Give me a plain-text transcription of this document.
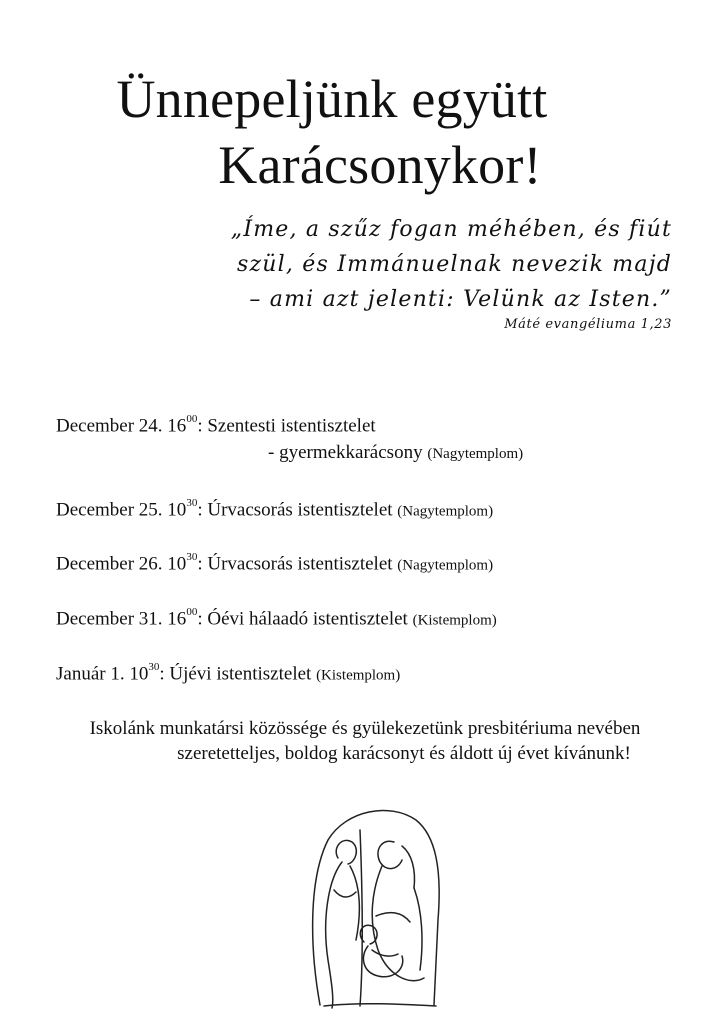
Ünnepeljünk együtt
Karácsonykor!
„Íme, a szűz fogan méhében, és fiút
szül, és Immánuelnak nevezik majd
– ami azt jelenti: Velünk az Isten.”
Máté evangéliuma 1,23
December 24. $16^{00}$: Szentesti istentisztelet
- gyermekkarácsony (Nagytemplom)
December 25. $10^{30}$: Úrvacsorás istentisztelet (Nagytemplom)
December 26. $10^{30}$: Úrvacsorás istentisztelet (Nagytemplom)
December 31. $16^{00}$: Óévi hálaadó istentisztelet (Kistemplom)
Január 1. $10^{30}$: Újévi istentisztelet (Kistemplom)
Iskolánk munkatársi közössége és gyülekezetünk presbitériuma nevében
szeretetteljes, boldog karácsonyt és áldott új évet kívánunk!
